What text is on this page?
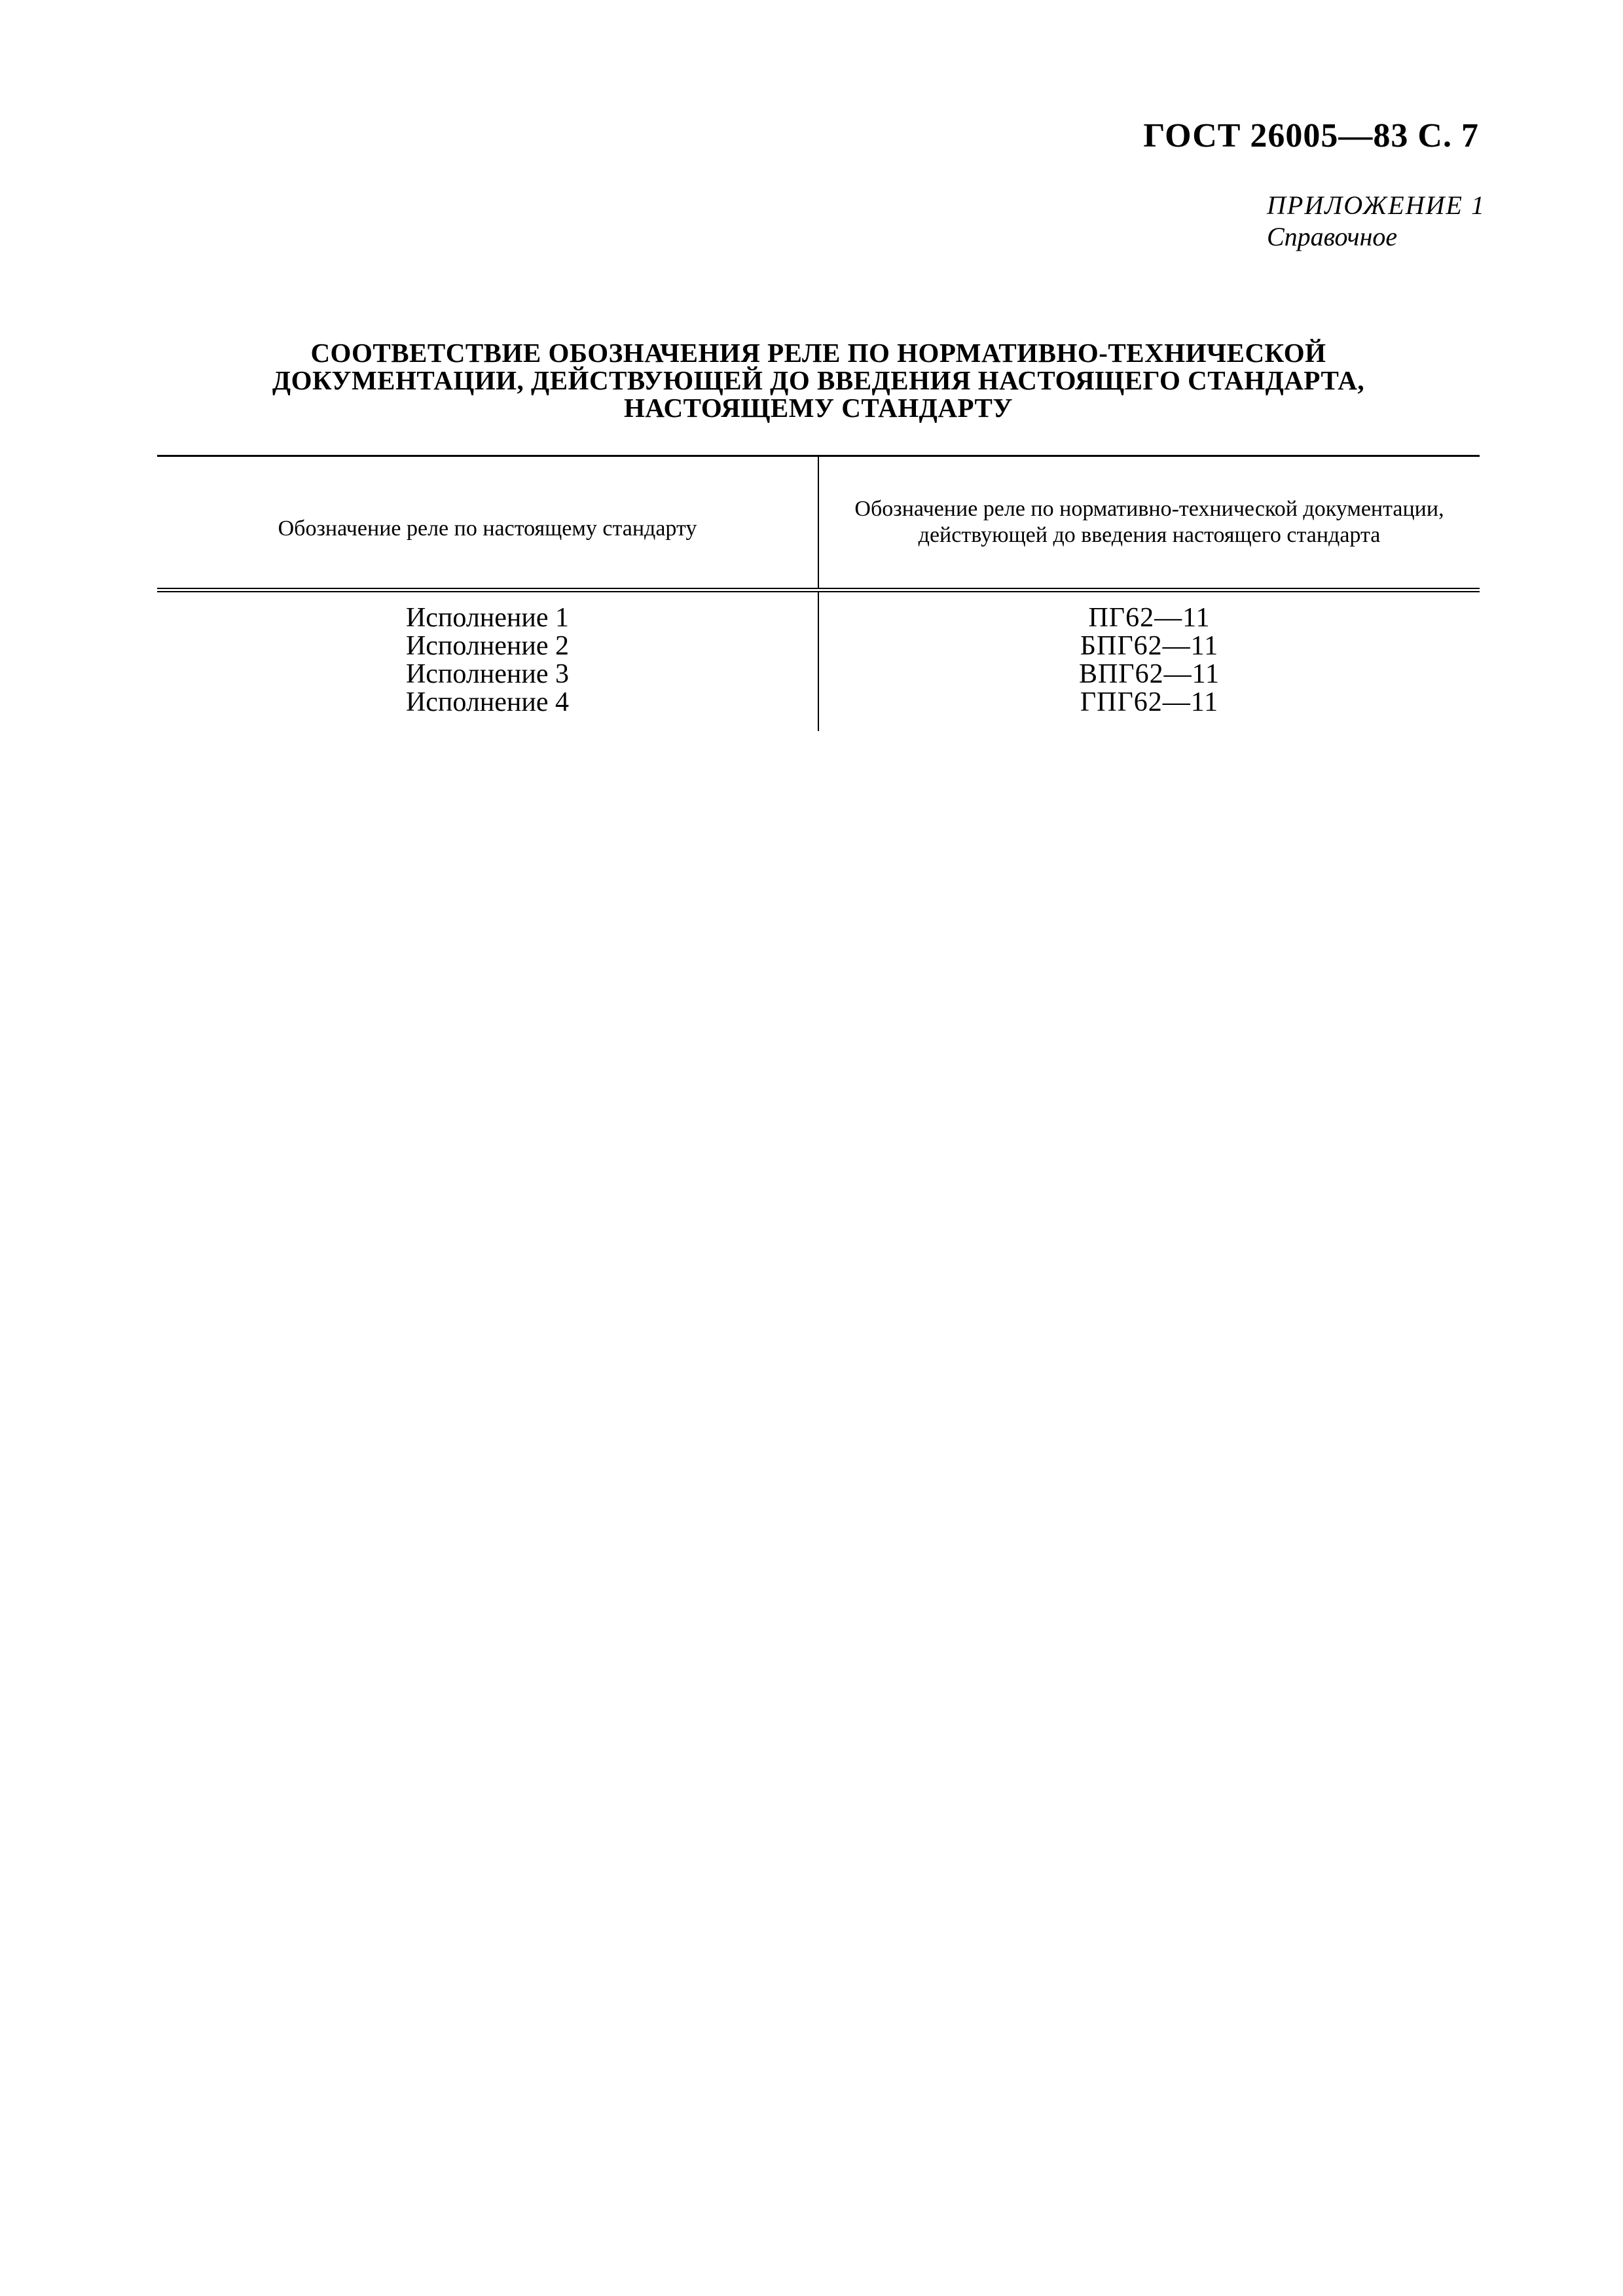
ГОСТ 26005—83 С. 7
ПРИЛОЖЕНИЕ 1
Справочное
СООТВЕТСТВИЕ ОБОЗНАЧЕНИЯ РЕЛЕ ПО НОРМАТИВНО-ТЕХНИЧЕСКОЙ
ДОКУМЕНТАЦИИ, ДЕЙСТВУЮЩЕЙ ДО ВВЕДЕНИЯ НАСТОЯЩЕГО СТАНДАРТА,
НАСТОЯЩЕМУ СТАНДАРТУ
Обозначение реле по настоящему стандарту	Обозначение реле по нормативно-технической документации, действующей до введения настоящего стандарта
Исполнение 1	ПГ62—11
Исполнение 2	БПГ62—11
Исполнение 3	ВПГ62—11
Исполнение 4	ГПГ62—11
